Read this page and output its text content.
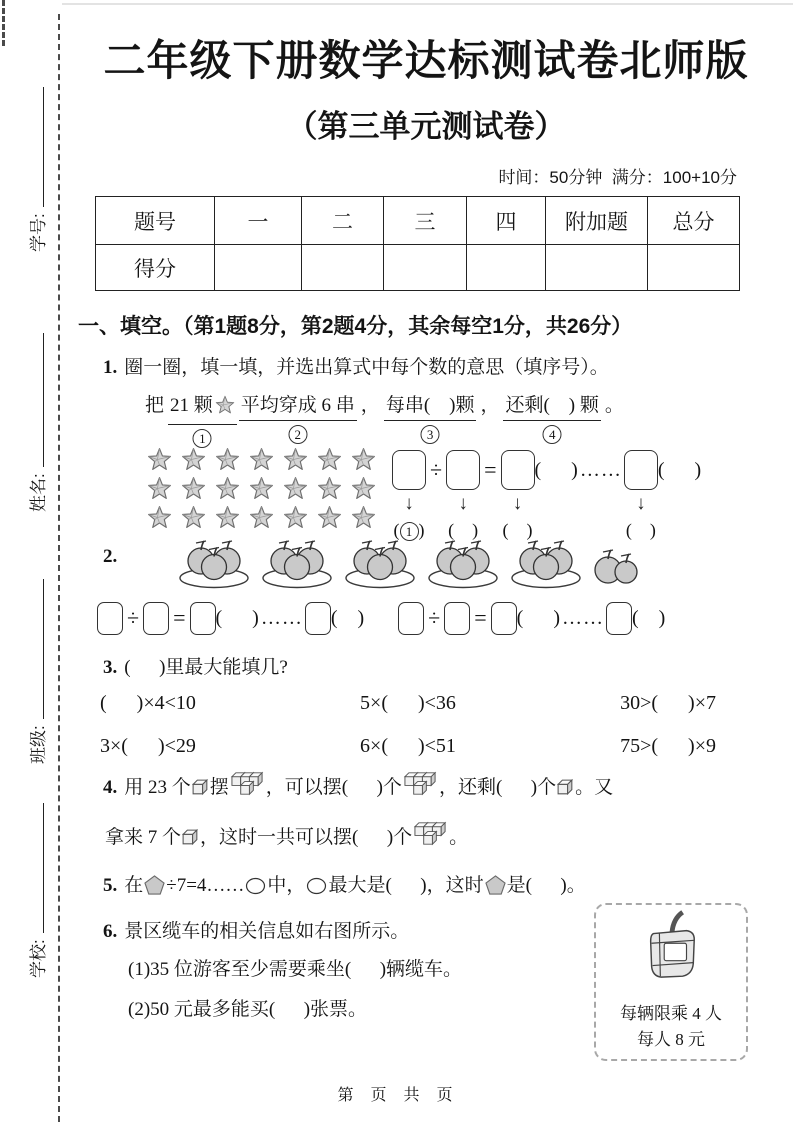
学号:
姓名:
班级:
学校:
二年级下册数学达标测试卷北师版
（第三单元测试卷）
时间：50分钟  满分：100+10分
题号	一	二	三	四	附加题	总分
得分						
一、填空。（第1题8分，第2题4分，其余每空1分，共26分）
1. 圈一圈，填一填，并选出算式中每个数的意思（填序号）。
把 21 颗
1
平均穿成 6 串
2
， 每串(    )颗
3
， 还剩(    ) 颗
4
。
↓
( 1 )
÷
↓
(    )
=
↓
(    )
(      ) ……
↓
(    )
(      )
2.
÷ = (      ) …… (    )	÷ = (      ) …… (    )
3. (      )里最大能填几?
(      )×4<10	5×(      )<36	30>(      )×7
3×(      )<29	6×(      )<51	75>(      )×9
4. 用 23 个 摆 ，可以摆(      )个 ，还剩(      )个 。又
拿来 7 个 ，这时一共可以摆(      )个 。
5. 在 ÷7=4…… 中， 最大是(      )，这时 是(      )。
6. 景区缆车的相关信息如右图所示。
(1)35 位游客至少需要乘坐(      )辆缆车。
(2)50 元最多能买(      )张票。	每辆限乘 4 人
每人 8 元
第  页  共  页
